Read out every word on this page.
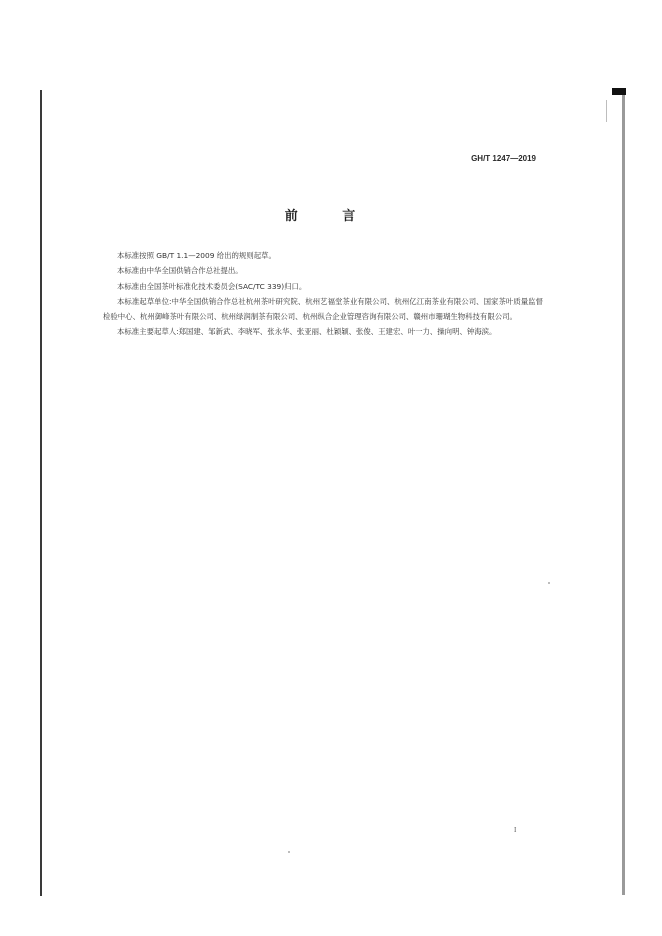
GH/T 1247—2019
前 言

本标准按照 GB/T 1.1—2009 给出的规则起草。

本标准由中华全国供销合作总社提出。

本标准由全国茶叶标准化技术委员会(SAC/TC 339)归口。

本标准起草单位:中华全国供销合作总社杭州茶叶研究院、杭州艺福堂茶业有限公司、杭州亿江南茶业有限公司、国家茶叶质量监督检验中心、杭州御峰茶叶有限公司、杭州绿润制茶有限公司、杭州纵合企业管理咨询有限公司、赣州市珊瑚生物科技有限公司。

本标准主要起草人:郑国建、邹新武、李晓军、张永华、张亚丽、杜颖颖、张俊、王建宏、叶一力、操向明、钟海滨。

I
